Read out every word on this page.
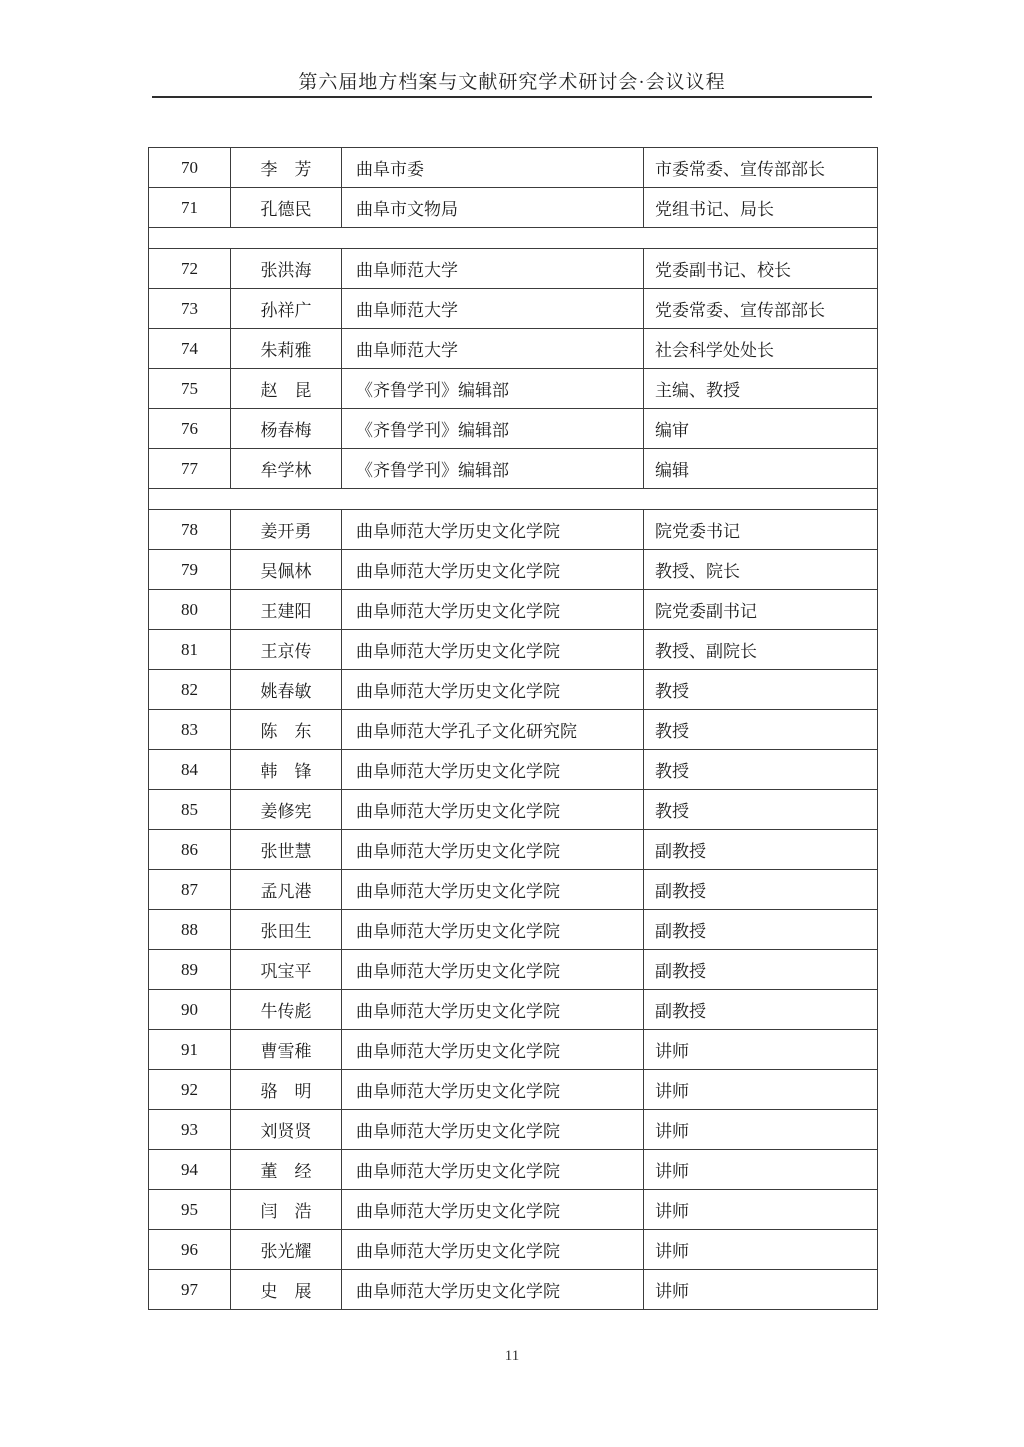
第六届地方档案与文献研究学术研讨会·会议议程
70	李　芳	曲阜市委	市委常委、宣传部部长
71	孔德民	曲阜市文物局	党组书记、局长
72	张洪海	曲阜师范大学	党委副书记、校长
73	孙祥广	曲阜师范大学	党委常委、宣传部部长
74	朱莉雅	曲阜师范大学	社会科学处处长
75	赵　昆	《齐鲁学刊》编辑部	主编、教授
76	杨春梅	《齐鲁学刊》编辑部	编审
77	牟学林	《齐鲁学刊》编辑部	编辑
78	姜开勇	曲阜师范大学历史文化学院	院党委书记
79	吴佩林	曲阜师范大学历史文化学院	教授、院长
80	王建阳	曲阜师范大学历史文化学院	院党委副书记
81	王京传	曲阜师范大学历史文化学院	教授、副院长
82	姚春敏	曲阜师范大学历史文化学院	教授
83	陈　东	曲阜师范大学孔子文化研究院	教授
84	韩　锋	曲阜师范大学历史文化学院	教授
85	姜修宪	曲阜师范大学历史文化学院	教授
86	张世慧	曲阜师范大学历史文化学院	副教授
87	孟凡港	曲阜师范大学历史文化学院	副教授
88	张田生	曲阜师范大学历史文化学院	副教授
89	巩宝平	曲阜师范大学历史文化学院	副教授
90	牛传彪	曲阜师范大学历史文化学院	副教授
91	曹雪稚	曲阜师范大学历史文化学院	讲师
92	骆　明	曲阜师范大学历史文化学院	讲师
93	刘贤贤	曲阜师范大学历史文化学院	讲师
94	董　经	曲阜师范大学历史文化学院	讲师
95	闫　浩	曲阜师范大学历史文化学院	讲师
96	张光耀	曲阜师范大学历史文化学院	讲师
97	史　展	曲阜师范大学历史文化学院	讲师
11
